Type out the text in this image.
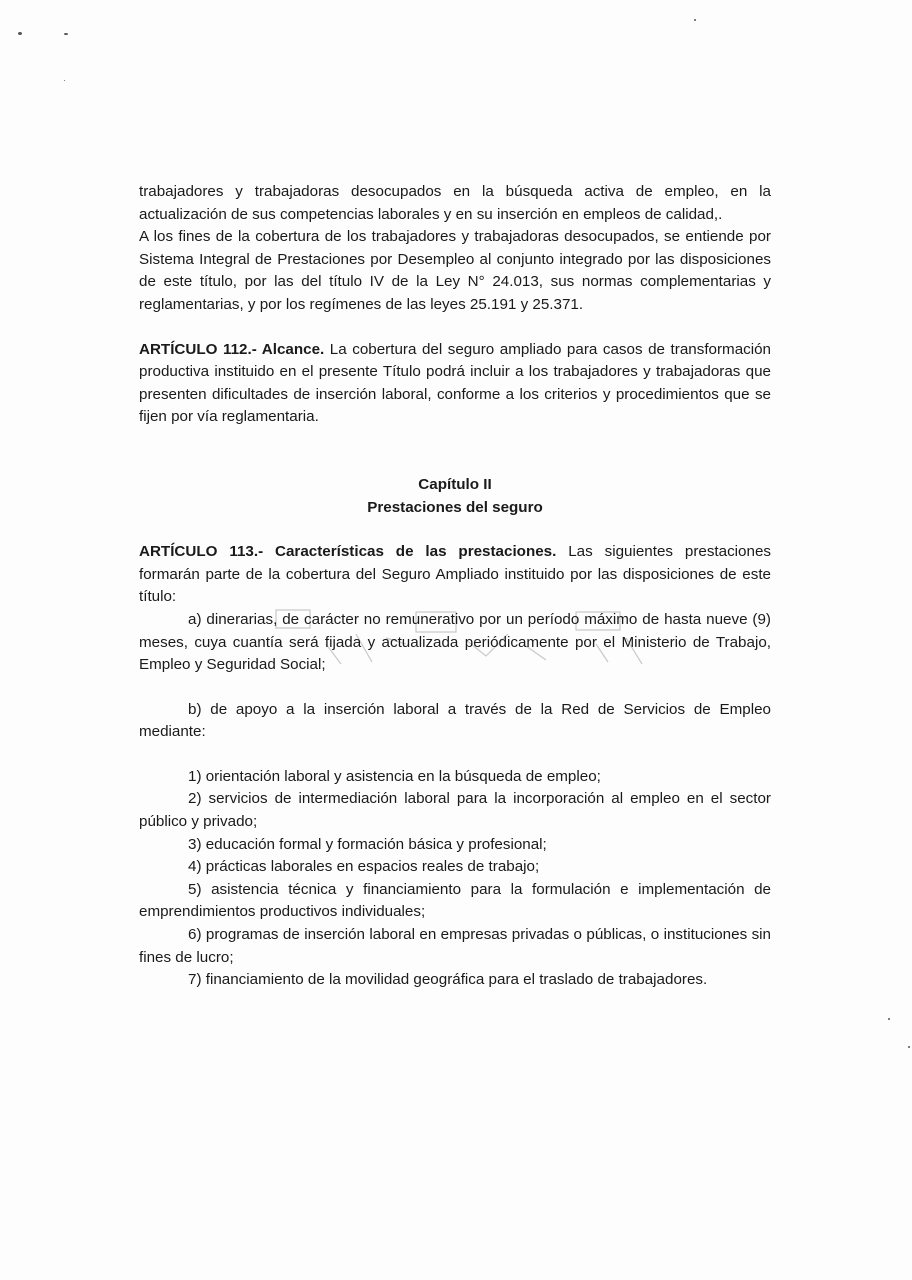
trabajadores y trabajadoras desocupados en la búsqueda activa de empleo, en la actualización de sus competencias laborales y en su inserción en empleos de calidad,.

A los fines de la cobertura de los trabajadores y trabajadoras desocupados, se entiende por Sistema Integral de Prestaciones por Desempleo al conjunto integrado por las disposiciones de este título, por las del título IV de la Ley N° 24.013, sus normas complementarias y reglamentarias, y por los regímenes de las leyes 25.191 y 25.371.

ARTÍCULO 112.- Alcance. La cobertura del seguro ampliado para casos de transformación productiva instituido en el presente Título podrá incluir a los trabajadores y trabajadoras que presenten dificultades de inserción laboral, conforme a los criterios y procedimientos que se fijen por vía reglamentaria.

Capítulo II

Prestaciones del seguro

ARTÍCULO 113.- Características de las prestaciones. Las siguientes prestaciones formarán parte de la cobertura del Seguro Ampliado instituido por las disposiciones de este título:

a) dinerarias, de carácter no remunerativo por un período máximo de hasta nueve (9) meses, cuya cuantía será fijada y actualizada periódicamente por el Ministerio de Trabajo, Empleo y Seguridad Social;

b) de apoyo a la inserción laboral a través de la Red de Servicios de Empleo mediante:

1) orientación laboral y asistencia en la búsqueda de empleo;

2) servicios de intermediación laboral para la incorporación al empleo en el sector público y privado;

3) educación formal y formación básica y profesional;

4) prácticas laborales en espacios reales de trabajo;

5) asistencia técnica y financiamiento para la formulación e implementación de emprendimientos productivos individuales;

6) programas de inserción laboral en empresas privadas o públicas, o instituciones sin fines de lucro;

7) financiamiento de la movilidad geográfica para el traslado de trabajadores.
